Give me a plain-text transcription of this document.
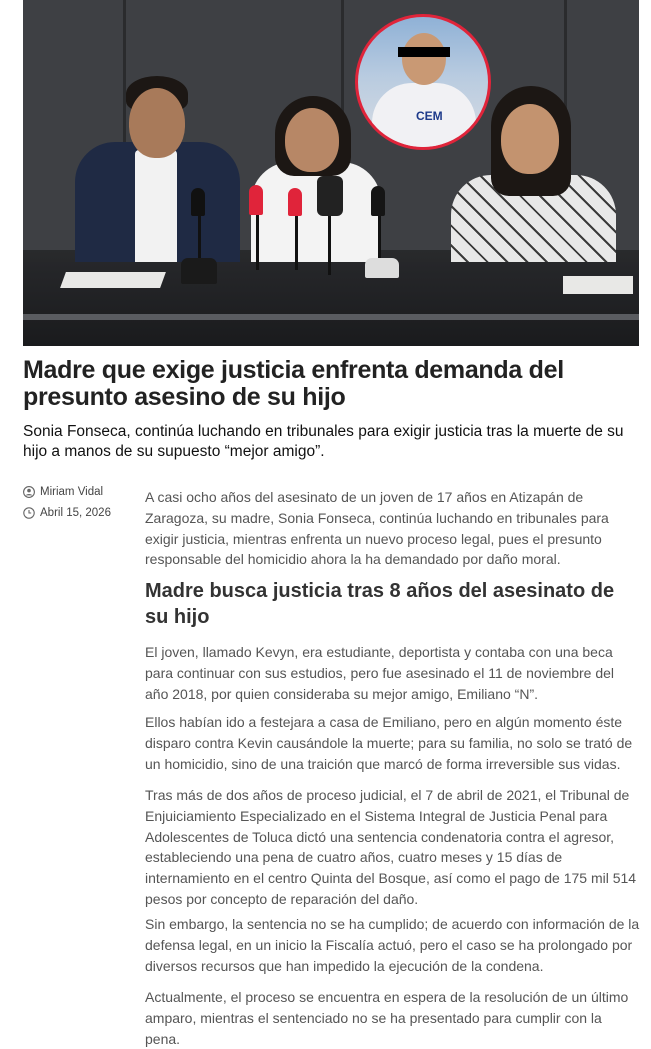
CEM
Madre que exige justicia enfrenta demanda del presunto asesino de su hijo

Sonia Fonseca, continúa luchando en tribunales para exigir justicia tras la muerte de su hijo a manos de su supuesto “mejor amigo”.

Miriam Vidal
Abril 15, 2026

A casi ocho años del asesinato de un joven de 17 años en Atizapán de Zaragoza, su madre, Sonia Fonseca, continúa luchando en tribunales para exigir justicia, mientras enfrenta un nuevo proceso legal, pues el presunto responsable del homicidio ahora la ha demandado por daño moral.

Madre busca justicia tras 8 años del asesinato de su hijo

El joven, llamado Kevyn, era estudiante, deportista y contaba con una beca para continuar con sus estudios, pero fue asesinado el 11 de noviembre del año 2018, por quien consideraba su mejor amigo, Emiliano “N”.

Ellos habían ido a festejara a casa de Emiliano, pero en algún momento éste disparo contra Kevin causándole la muerte; para su familia, no solo se trató de un homicidio, sino de una traición que marcó de forma irreversible sus vidas.

Tras más de dos años de proceso judicial, el 7 de abril de 2021, el Tribunal de Enjuiciamiento Especializado en el Sistema Integral de Justicia Penal para Adolescentes de Toluca dictó una sentencia condenatoria contra el agresor, estableciendo una pena de cuatro años, cuatro meses y 15 días de internamiento en el centro Quinta del Bosque, así como el pago de 175 mil 514 pesos por concepto de reparación del daño.

Sin embargo, la sentencia no se ha cumplido; de acuerdo con información de la defensa legal, en un inicio la Fiscalía actuó, pero el caso se ha prolongado por diversos recursos que han impedido la ejecución de la condena.

Actualmente, el proceso se encuentra en espera de la resolución de un último amparo, mientras el sentenciado no se ha presentado para cumplir con la pena.
